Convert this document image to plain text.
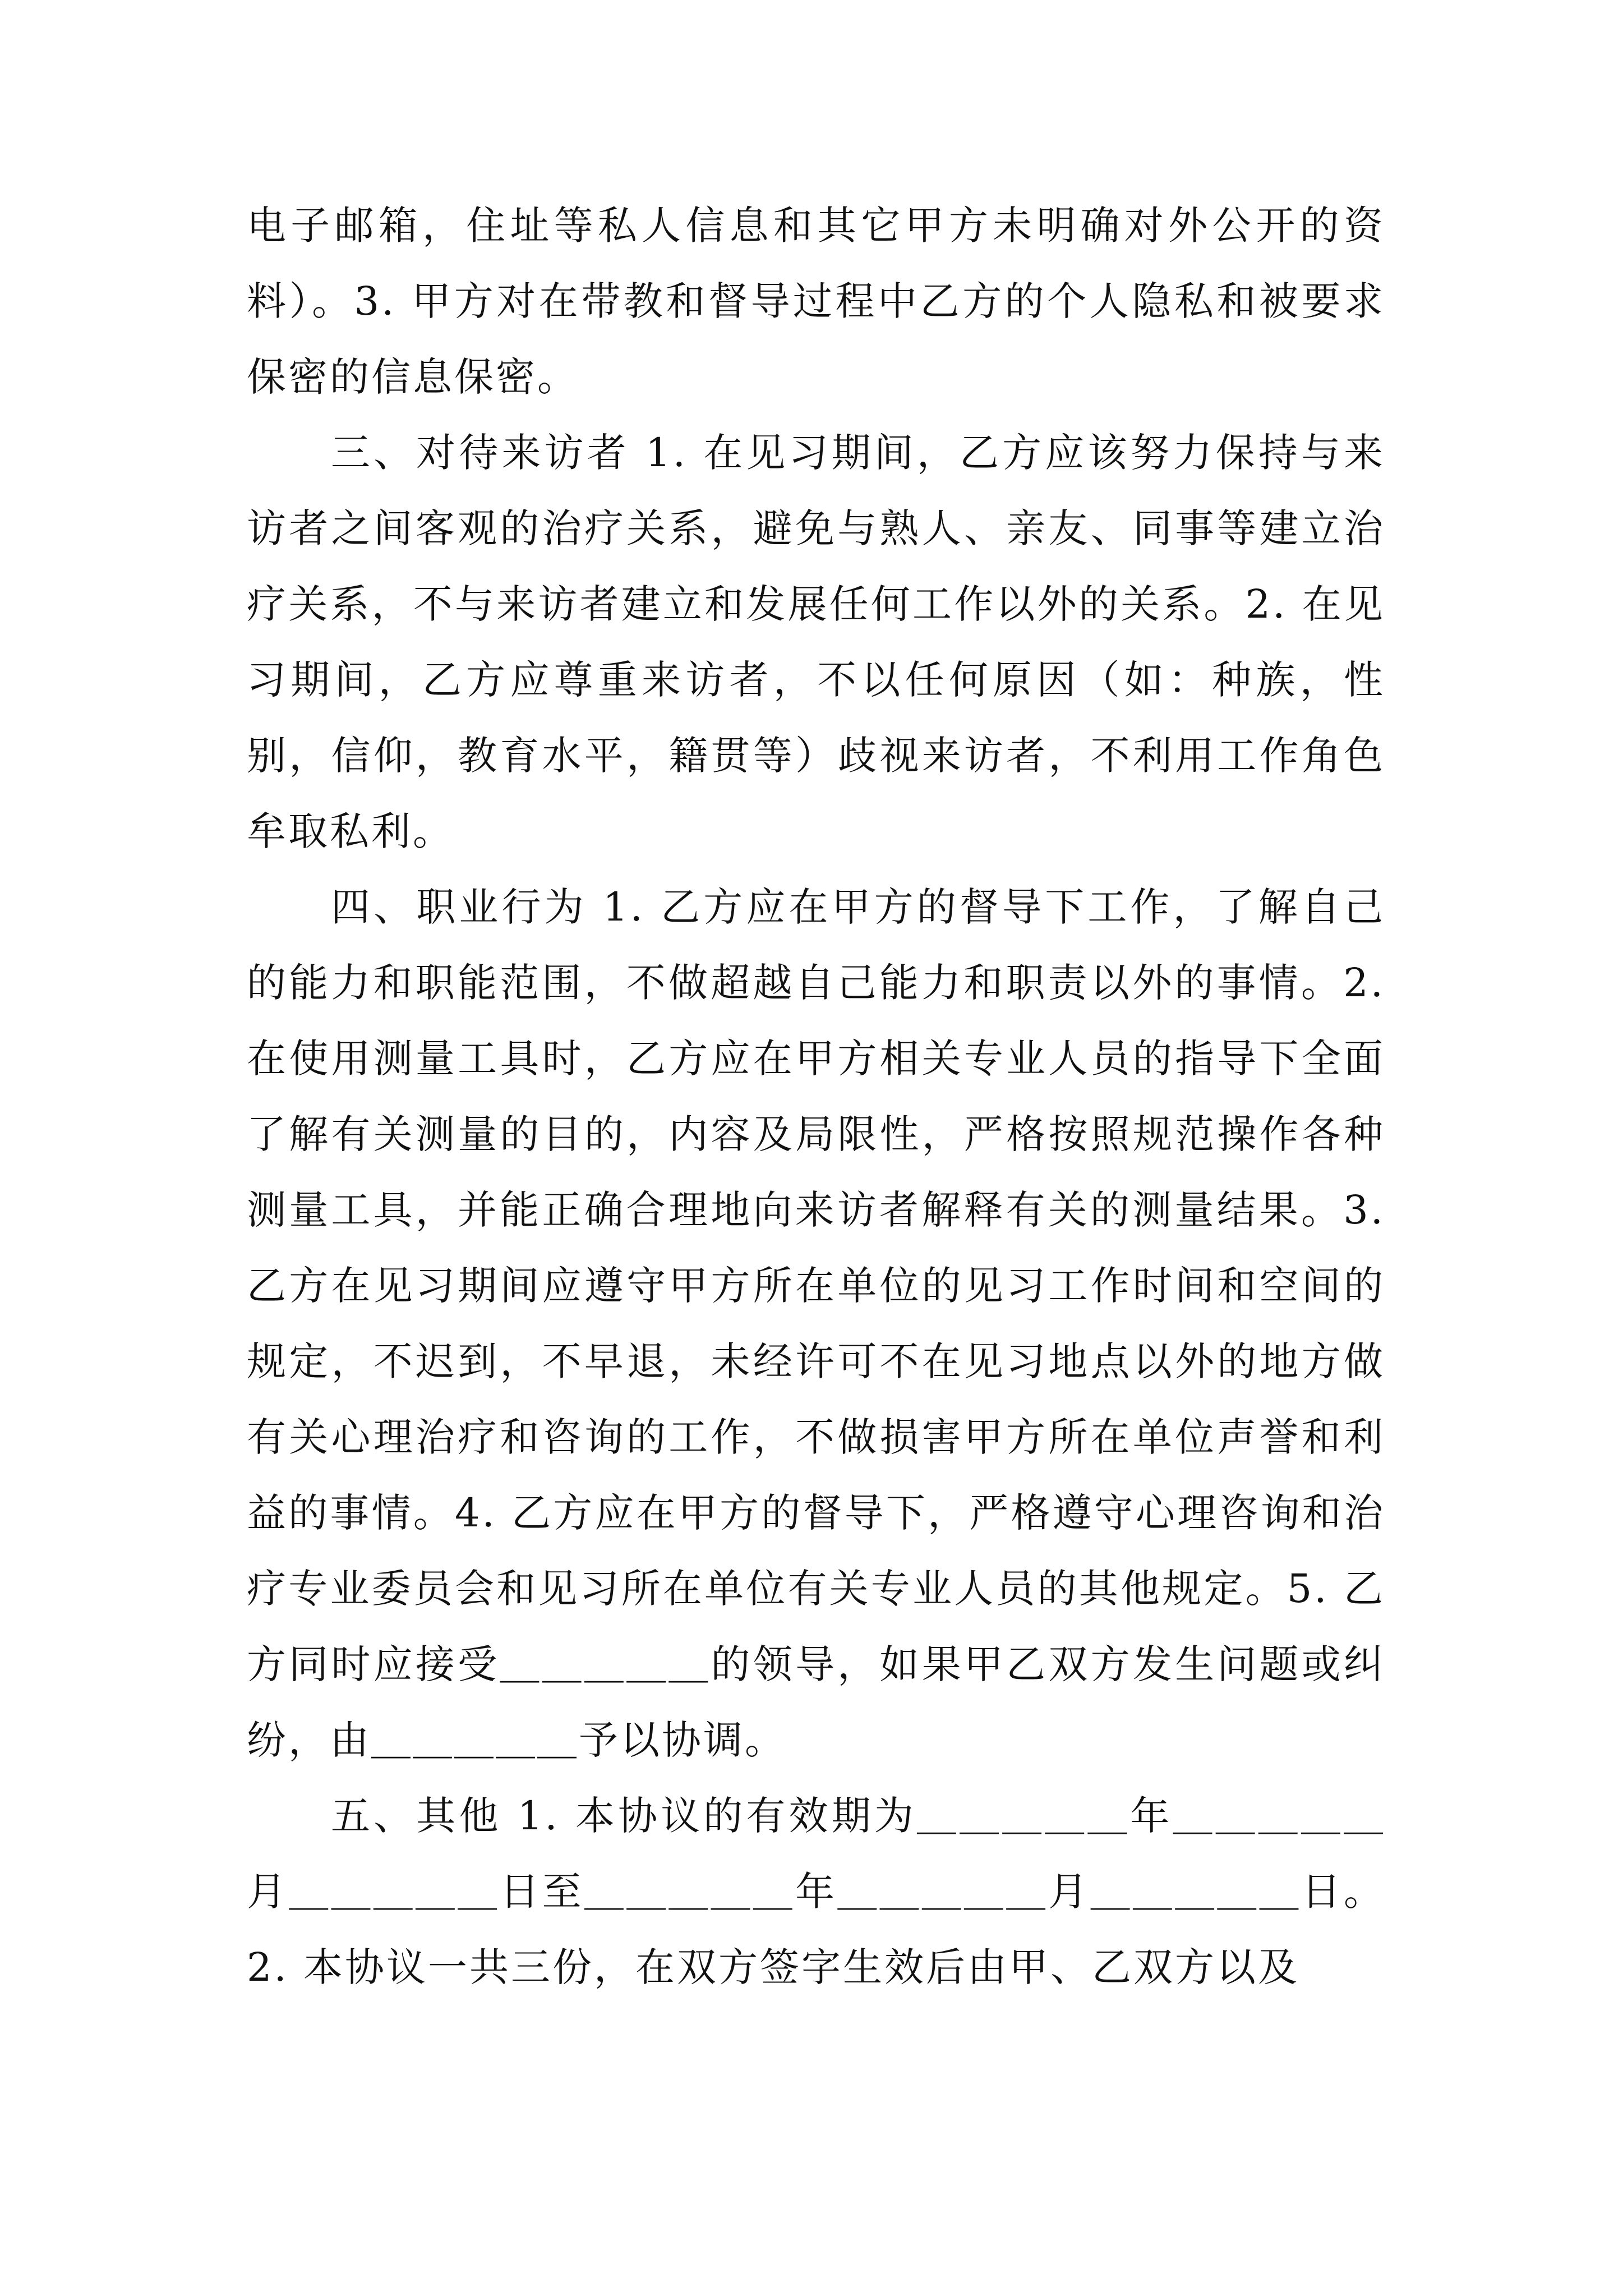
电子邮箱，住址等私人信息和其它甲方未明确对外公开的资料）。3. 甲方对在带教和督导过程中乙方的个人隐私和被要求保密的信息保密。

三、对待来访者 1. 在见习期间，乙方应该努力保持与来访者之间客观的治疗关系，避免与熟人、亲友、同事等建立治疗关系，不与来访者建立和发展任何工作以外的关系。2. 在见习期间，乙方应尊重来访者，不以任何原因（如：种族，性别，信仰，教育水平，籍贯等）歧视来访者，不利用工作角色牟取私利。

四、职业行为 1. 乙方应在甲方的督导下工作，了解自己的能力和职能范围，不做超越自己能力和职责以外的事情。2. 在使用测量工具时，乙方应在甲方相关专业人员的指导下全面了解有关测量的目的，内容及局限性，严格按照规范操作各种测量工具，并能正确合理地向来访者解释有关的测量结果。3. 乙方在见习期间应遵守甲方所在单位的见习工作时间和空间的规定，不迟到，不早退，未经许可不在见习地点以外的地方做有关心理治疗和咨询的工作，不做损害甲方所在单位声誉和利益的事情。4. 乙方应在甲方的督导下，严格遵守心理咨询和治疗专业委员会和见习所在单位有关专业人员的其他规定。5. 乙方同时应接受＿＿＿＿＿的领导，如果甲乙双方发生问题或纠纷，由＿＿＿＿＿予以协调。

五、其他 1. 本协议的有效期为＿＿＿＿＿年＿＿＿＿＿月＿＿＿＿＿日至＿＿＿＿＿年＿＿＿＿＿月＿＿＿＿＿日。2. 本协议一共三份，在双方签字生效后由甲、乙双方以及
